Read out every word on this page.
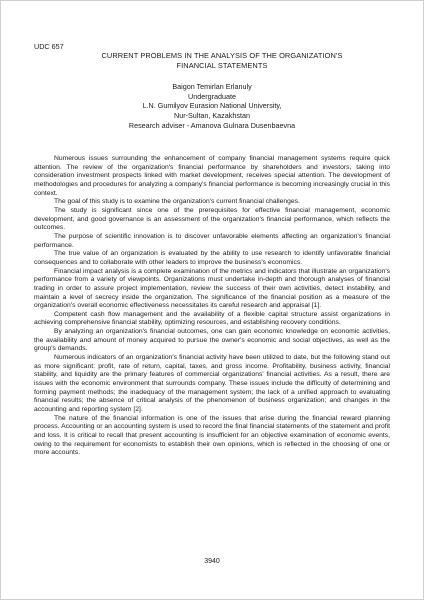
UDC 657
CURRENT PROBLEMS IN THE ANALYSIS OF THE ORGANIZATION'S
FINANCIAL STATEMENTS
Baigon Temirlan Erlanuly
Undergraduate
L.N. Gumilyov Eurasion National University,
Nur-Sultan, Kazakhstan
Research adviser - Amanova Gulnara Dusenbaevna

Numerous issues surrounding the enhancement of company financial management systems require quick attention. The review of the organization's financial performance by shareholders and investors, taking into consideration investment prospects linked with market development, receives special attention. The development of methodologies and procedures for analyzing a company's financial performance is becoming increasingly crucial in this context.

The goal of this study is to examine the organization's current financial challenges.

The study is significant since one of the prerequisites for effective financial management, economic development, and good governance is an assessment of the organization's financial performance, which reflects the outcomes.

The purpose of scientific innovation is to discover unfavorable elements affecting an organization's financial performance.

The true value of an organization is evaluated by the ability to use research to identify unfavorable financial consequences and to collaborate with other leaders to improve the business's economics.

Financial impact analysis is a complete examination of the metrics and indicators that illustrate an organization's performance from a variety of viewpoints. Organizations must undertake in-depth and thorough analyses of financial trading in order to assure project implementation, review the success of their own activities, detect instability, and maintain a level of secrecy inside the organization. The significance of the financial position as a measure of the organization's overall economic effectiveness necessitates its careful research and appraisal [1].

Competent cash flow management and the availability of a flexible capital structure assist organizations in achieving comprehensive financial stability, optimizing resources, and establishing recovery conditions.

By analyzing an organization's financial outcomes, one can gain economic knowledge on economic activities, the availability and amount of money acquired to pursue the owner's economic and social objectives, as well as the group's demands.

Numerous indicators of an organization's financial activity have been utilized to date, but the following stand out as more significant: profit, rate of return, capital, taxes, and gross income. Profitability, business activity, financial stability, and liquidity are the primary features of commercial organizations' financial activities. As a result, there are issues with the economic environment that surrounds company. These issues include the difficulty of determining and forming payment methods; the inadequacy of the management system; the lack of a unified approach to evaluating financial results; the absence of critical analysis of the phenomenon of business organization; and changes in the accounting and reporting system [2].

The nature of the financial information is one of the issues that arise during the financial reward planning process. Accounting or an accounting system is used to record the final financial statements of the statement and profit and loss. It is critical to recall that present accounting is insufficient for an objective examination of economic events, owing to the requirement for economists to establish their own opinions, which is reflected in the choosing of one or more accounts.

3940
